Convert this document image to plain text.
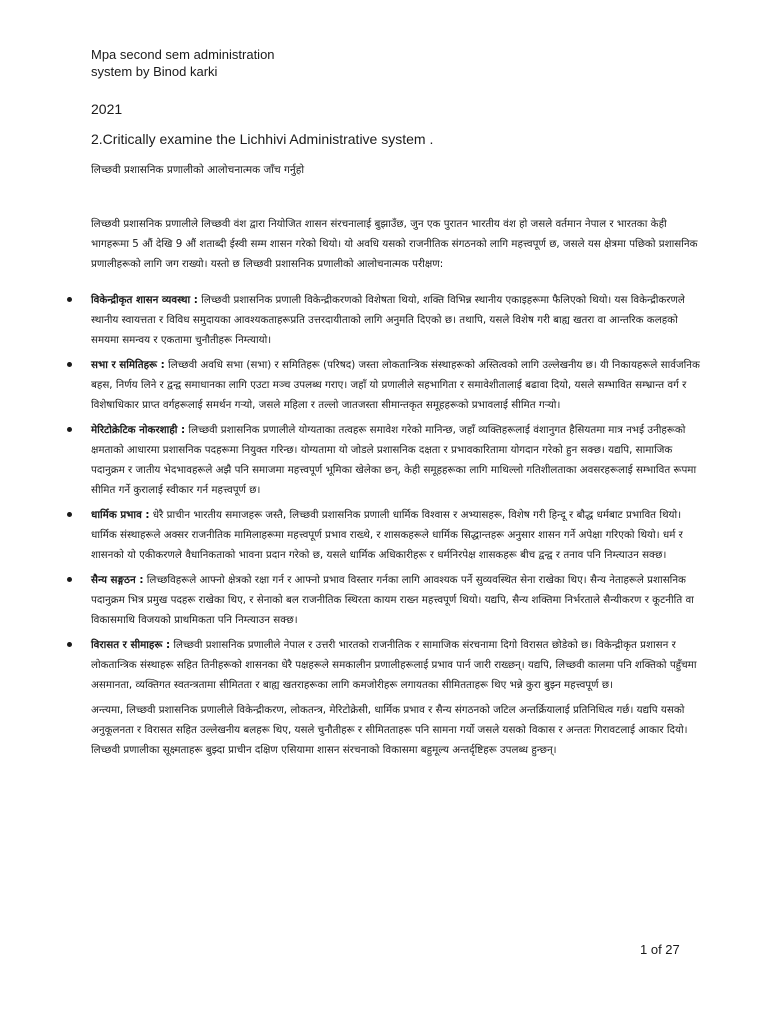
Mpa second sem administration
system by Binod karki
2021
2.Critically examine the Lichhivi Administrative system .
लिच्छवी प्रशासनिक प्रणालीको आलोचनात्मक जाँच गर्नुहो

लिच्छवी प्रशासनिक प्रणालीले लिच्छवी वंश द्वारा नियोजित शासन संरचनालाई बुझाउँछ, जुन एक पुरातन भारतीय वंश हो जसले वर्तमान नेपाल र भारतका केही भागहरूमा 5 औं देखि 9 औं शताब्दी ईस्वी सम्म शासन गरेको थियो। यो अवधि यसको राजनीतिक संगठनको लागि महत्त्वपूर्ण छ, जसले यस क्षेत्रमा पछिको प्रशासनिक प्रणालीहरूको लागि जग राख्यो। यस्तो छ लिच्छवी प्रशासनिक प्रणालीको आलोचनात्मक परीक्षण:

विकेन्द्रीकृत शासन व्यवस्था : लिच्छवी प्रशासनिक प्रणाली विकेन्द्रीकरणको विशेषता थियो, शक्ति विभिन्न स्थानीय एकाइहरूमा फैलिएको थियो। यस विकेन्द्रीकरणले स्थानीय स्वायत्तता र विविध समुदायका आवश्यकताहरूप्रति उत्तरदायीताको लागि अनुमति दिएको छ। तथापि, यसले विशेष गरी बाह्य खतरा वा आन्तरिक कलहको समयमा समन्वय र एकतामा चुनौतीहरू निम्त्यायो।
सभा र समितिहरू : लिच्छवी अवधि सभा (सभा) र समितिहरू (परिषद) जस्ता लोकतान्त्रिक संस्थाहरूको अस्तित्वको लागि उल्लेखनीय छ। यी निकायहरूले सार्वजनिक बहस, निर्णय लिने र द्वन्द्व समाधानका लागि एउटा मञ्च उपलब्ध गराए। जहाँ यो प्रणालीले सहभागिता र समावेशीतालाई बढावा दियो, यसले सम्भावित सम्भ्रान्त वर्ग र विशेषाधिकार प्राप्त वर्गहरूलाई समर्थन गऱ्यो, जसले महिला र तल्लो जातजस्ता सीमान्तकृत समूहहरूको प्रभावलाई सीमित गऱ्यो।
मेरिटोक्रेटिक नोकरशाही : लिच्छवी प्रशासनिक प्रणालीले योग्यताका तत्वहरू समावेश गरेको मानिन्छ, जहाँ व्यक्तिहरूलाई वंशानुगत हैसियतमा मात्र नभई उनीहरूको क्षमताको आधारमा प्रशासनिक पदहरूमा नियुक्त गरिन्छ। योग्यतामा यो जोडले प्रशासनिक दक्षता र प्रभावकारितामा योगदान गरेको हुन सक्छ। यद्यपि, सामाजिक पदानुक्रम र जातीय भेदभावहरूले अझै पनि समाजमा महत्त्वपूर्ण भूमिका खेलेका छन्, केही समूहहरूका लागि माथिल्लो गतिशीलताका अवसरहरूलाई सम्भावित रूपमा सीमित गर्ने कुरालाई स्वीकार गर्न महत्त्वपूर्ण छ।
धार्मिक प्रभाव : धेरै प्राचीन भारतीय समाजहरू जस्तै, लिच्छवी प्रशासनिक प्रणाली धार्मिक विश्वास र अभ्यासहरू, विशेष गरी हिन्दू र बौद्ध धर्मबाट प्रभावित थियो। धार्मिक संस्थाहरूले अक्सर राजनीतिक मामिलाहरूमा महत्त्वपूर्ण प्रभाव राख्थे, र शासकहरूले धार्मिक सिद्धान्तहरू अनुसार शासन गर्ने अपेक्षा गरिएको थियो। धर्म र शासनको यो एकीकरणले वैधानिकताको भावना प्रदान गरेको छ, यसले धार्मिक अधिकारीहरू र धर्मनिरपेक्ष शासकहरू बीच द्वन्द्व र तनाव पनि निम्त्याउन सक्छ।
सैन्य सङ्गठन : लिच्छविहरूले आफ्नो क्षेत्रको रक्षा गर्न र आफ्नो प्रभाव विस्तार गर्नका लागि आवश्यक पर्ने सुव्यवस्थित सेना राखेका थिए। सैन्य नेताहरूले प्रशासनिक पदानुक्रम भित्र प्रमुख पदहरू राखेका थिए, र सेनाको बल राजनीतिक स्थिरता कायम राख्न महत्त्वपूर्ण थियो। यद्यपि, सैन्य शक्तिमा निर्भरताले सैन्यीकरण र कूटनीति वा विकासमाथि विजयको प्राथमिकता पनि निम्त्याउन सक्छ।
विरासत र सीमाहरू : लिच्छवी प्रशासनिक प्रणालीले नेपाल र उत्तरी भारतको राजनीतिक र सामाजिक संरचनामा दिगो विरासत छोडेको छ। विकेन्द्रीकृत प्रशासन र लोकतान्त्रिक संस्थाहरू सहित तिनीहरूको शासनका धेरै पक्षहरूले समकालीन प्रणालीहरूलाई प्रभाव पार्न जारी राख्छन्। यद्यपि, लिच्छवी कालमा पनि शक्तिको पहुँचमा असमानता, व्यक्तिगत स्वतन्त्रतामा सीमितता र बाह्य खतराहरूका लागि कमजोरीहरू लगायतका सीमितताहरू थिए भन्ने कुरा बुझ्न महत्त्वपूर्ण छ।

अन्त्यमा, लिच्छवी प्रशासनिक प्रणालीले विकेन्द्रीकरण, लोकतन्त्र, मेरिटोक्रेसी, धार्मिक प्रभाव र सैन्य संगठनको जटिल अन्तर्क्रियालाई प्रतिनिधित्व गर्छ। यद्यपि यसको अनुकूलनता र विरासत सहित उल्लेखनीय बलहरू थिए, यसले चुनौतीहरू र सीमितताहरू पनि सामना गर्यो जसले यसको विकास र अन्ततः गिरावटलाई आकार दियो। लिच्छवी प्रणालीका सूक्ष्मताहरू बुझ्दा प्राचीन दक्षिण एसियामा शासन संरचनाको विकासमा बहुमूल्य अन्तर्दृष्टिहरू उपलब्ध हुन्छन्।

1 of 27
